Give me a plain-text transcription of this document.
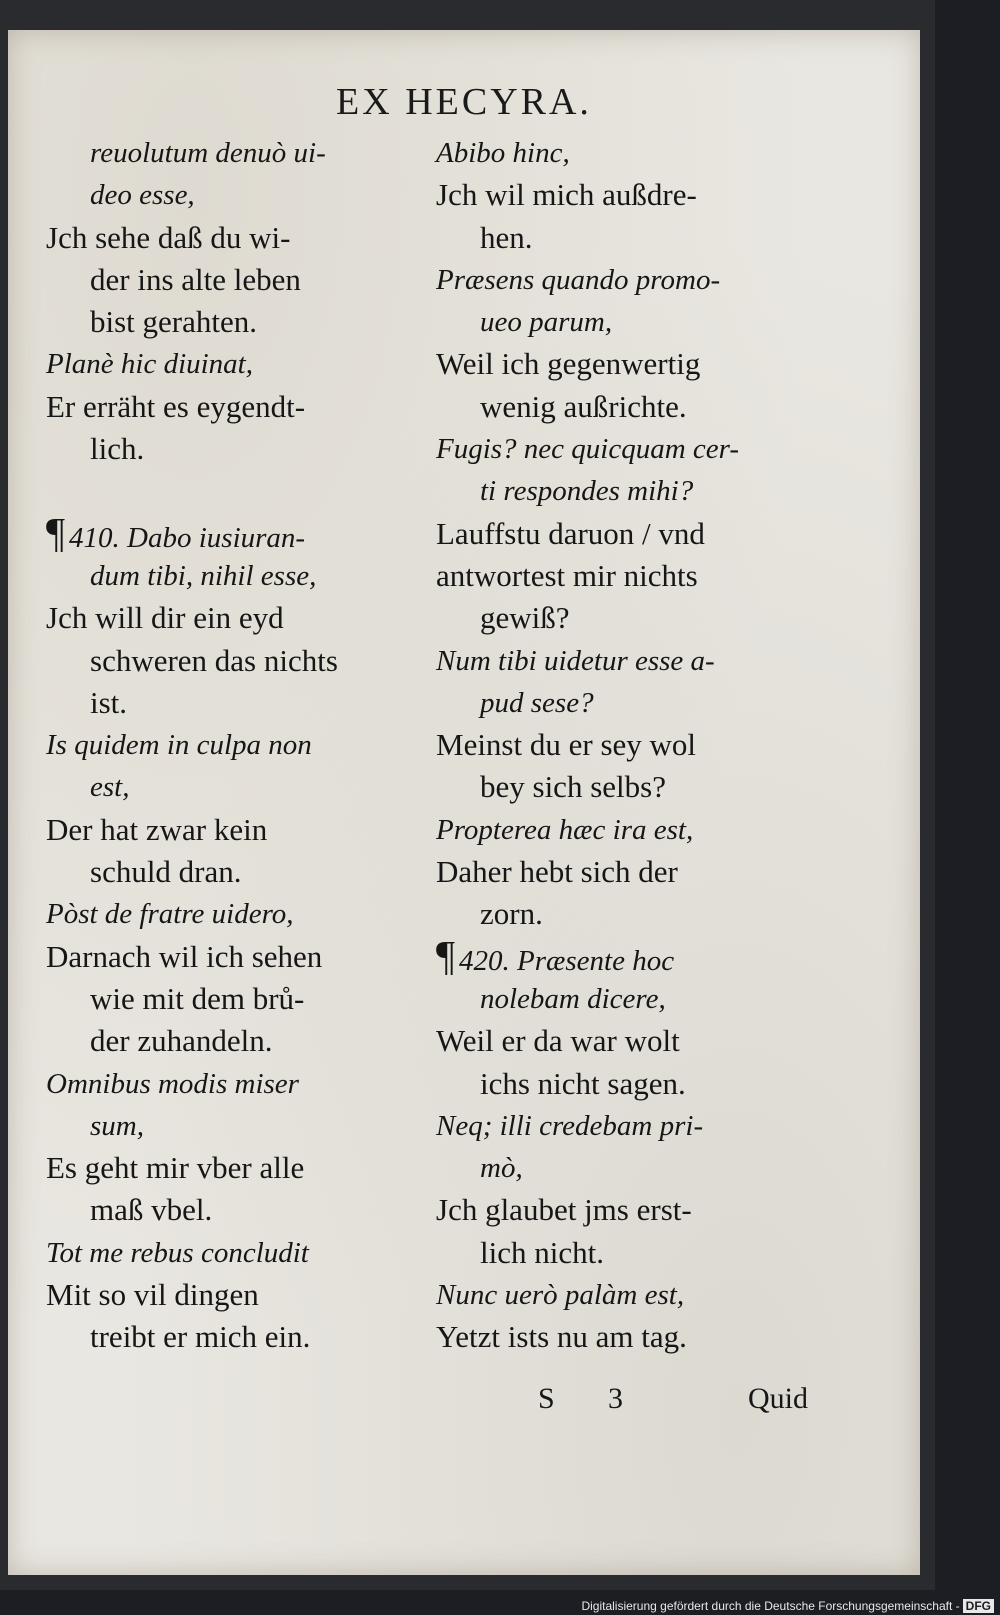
EX HECYRA.
reuolutum denuò ui-
deo esse,
Jch sehe daß du wi-
der ins alte leben
bist gerahten.
Planè hic diuinat,
Er erräht es eygendt-
lich.
¶ 410. Dabo iusiuran-
dum tibi, nihil esse,
Jch will dir ein eyd
schweren das nichts
ist.
Is quidem in culpa non
est,
Der hat zwar kein
schuld dran.
Pòst de fratre uidero,
Darnach wil ich sehen
wie mit dem brů-
der zuhandeln.
Omnibus modis miser
sum,
Es geht mir vber alle
maß vbel.
Tot me rebus concludit
Mit so vil dingen
treibt er mich ein.
Abibo hinc,
Jch wil mich außdre-
hen.
Præsens quando promo-
ueo parum,
Weil ich gegenwertig
wenig außrichte.
Fugis? nec quicquam cer-
ti respondes mihi?
Lauffstu daruon / vnd
antwortest mir nichts
gewiß?
Num tibi uidetur esse a-
pud sese?
Meinst du er sey wol
bey sich selbs?
Propterea hæc ira est,
Daher hebt sich der
zorn.
¶ 420. Præsente hoc
nolebam dicere,
Weil er da war wolt
ichs nicht sagen.
Neq; illi credebam pri-
mò,
Jch glaubet jms erst-
lich nicht.
Nunc uerò palàm est,
Yetzt ists nu am tag.
S 3	Quid
Digitalisierung gefördert durch die Deutsche Forschungsgemeinschaft - DFG
